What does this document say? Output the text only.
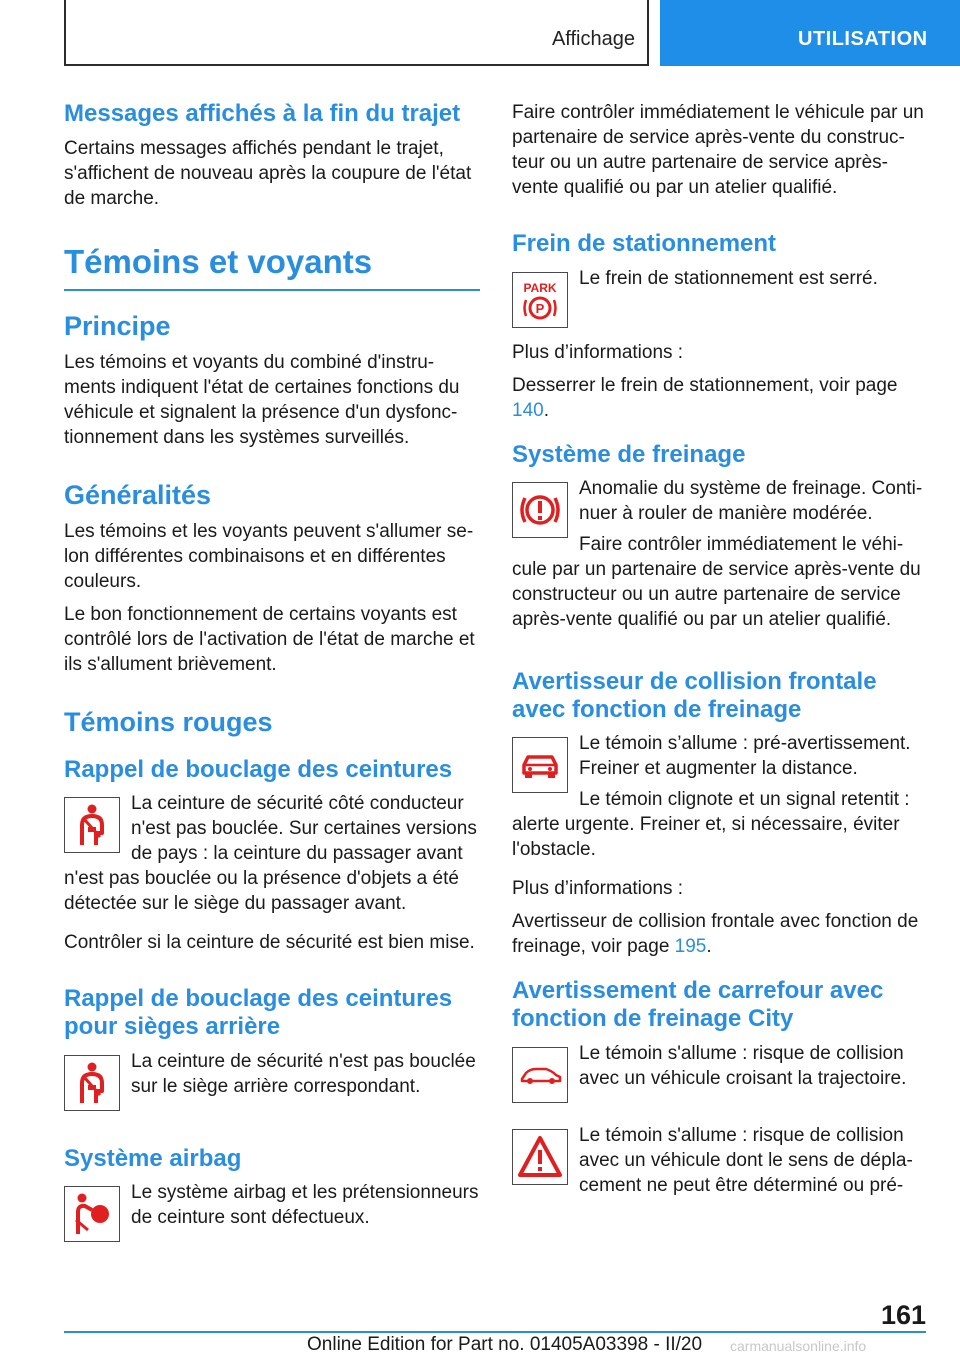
Affichage	UTILISATION
Messages affichés à la fin du trajet

Certains messages affichés pendant le trajet, s'affichent de nouveau après la coupure de l'état de marche.

Témoins et voyants
Principe

Les témoins et voyants du combiné d'instru-ments indiquent l'état de certaines fonctions du véhicule et signalent la présence d'un dysfonc-tionnement dans les systèmes surveillés.

Généralités

Les témoins et les voyants peuvent s'allumer se-lon différentes combinaisons et en différentes couleurs.

Le bon fonctionnement de certains voyants est contrôlé lors de l'activation de l'état de marche et ils s'allument brièvement.

Témoins rouges
Rappel de bouclage des ceintures

La ceinture de sécurité côté conducteur n'est pas bouclée. Sur certaines versions de pays : la ceinture du passager avant n'est pas bouclée ou la présence d'objets a été détectée sur le siège du passager avant.

Contrôler si la ceinture de sécurité est bien mise.

Rappel de bouclage des ceintures pour sièges arrière

La ceinture de sécurité n'est pas bouclée sur le siège arrière correspondant.

Système airbag

Le système airbag et les prétensionneurs de ceinture sont défectueux.

Faire contrôler immédiatement le véhicule par un partenaire de service après-vente du construc-teur ou un autre partenaire de service après-vente qualifié ou par un atelier qualifié.

Frein de stationnement
PARK
P

Le frein de stationnement est serré.

Plus d’informations :

Desserrer le frein de stationnement, voir page 140.

Système de freinage

Anomalie du système de freinage. Conti-nuer à rouler de manière modérée.

Faire contrôler immédiatement le véhi-cule par un partenaire de service après-vente du constructeur ou un autre partenaire de service après-vente qualifié ou par un atelier qualifié.

Avertisseur de collision frontale avec fonction de freinage

Le témoin s’allume : pré-avertissement. Freiner et augmenter la distance.

Le témoin clignote et un signal retentit : alerte urgente. Freiner et, si nécessaire, éviter l'obstacle.

Plus d’informations :

Avertisseur de collision frontale avec fonction de freinage, voir page 195.

Avertissement de carrefour avec fonction de freinage City

Le témoin s'allume : risque de collision avec un véhicule croisant la trajectoire.

Le témoin s'allume : risque de collision avec un véhicule dont le sens de dépla-cement ne peut être déterminé ou pré-

161
Online Edition for Part no. 01405A03398 - II/20 carmanualsonline.info
